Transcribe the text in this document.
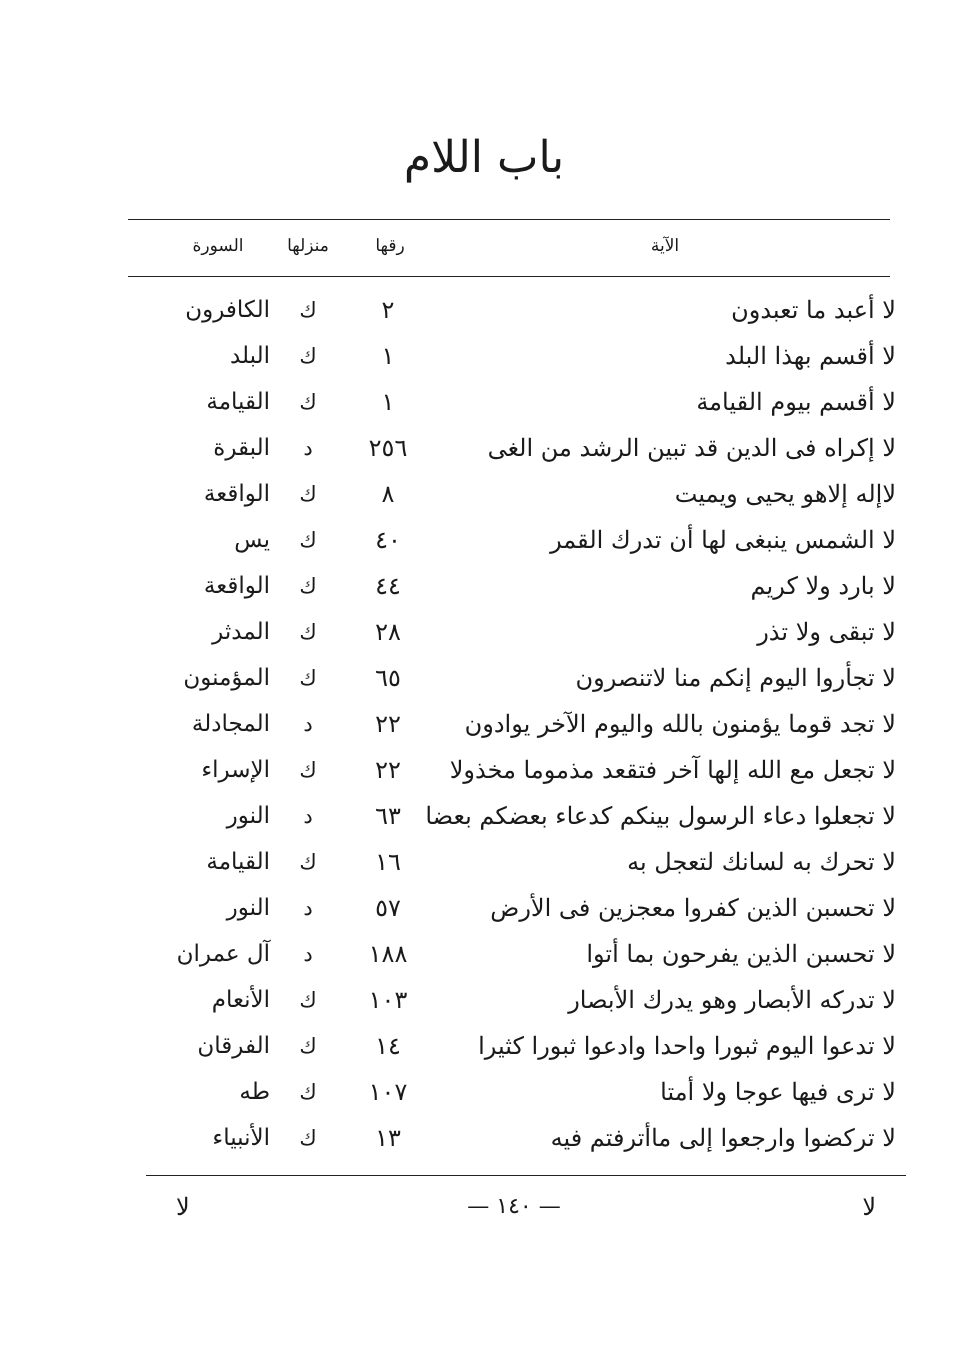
باب اللام
الآية
رقها
منزلها
السورة
لا أعبد ما تعبدون
٢
ك
الكافرون
لا أقسم بهذا البلد
١
ك
البلد
لا أقسم بيوم القيامة
١
ك
القيامة
لا إكراه فى الدين قد تبين الرشد من الغى
٢٥٦
د
البقرة
لاإله إلاهو يحيى ويميت
٨
ك
الواقعة
لا الشمس ينبغى لها أن تدرك القمر
٤٠
ك
يس
لا بارد ولا كريم
٤٤
ك
الواقعة
لا تبقى ولا تذر
٢٨
ك
المدثر
لا تجأروا اليوم إنكم منا لاتنصرون
٦٥
ك
المؤمنون
لا تجد قوما يؤمنون بالله واليوم الآخر يوادون
٢٢
د
المجادلة
لا تجعل مع الله إلها آخر فتقعد مذموما مخذولا
٢٢
ك
الإسراء
لا تجعلوا دعاء الرسول بينكم كدعاء بعضكم بعضا
٦٣
د
النور
لا تحرك به لسانك لتعجل به
١٦
ك
القيامة
لا تحسبن الذين كفروا معجزين فى الأرض
٥٧
د
النور
لا تحسبن الذين يفرحون بما أتوا
١٨٨
د
آل عمران
لا تدركه الأبصار وهو يدرك الأبصار
١٠٣
ك
الأنعام
لا تدعوا اليوم ثبورا واحدا وادعوا ثبورا كثيرا
١٤
ك
الفرقان
لا ترى فيها عوجا ولا أمتا
١٠٧
ك
طه
لا تركضوا وارجعوا إلى ماأترفتم فيه
١٣
ك
الأنبياء
لا
— ١٤٠ —
لا
